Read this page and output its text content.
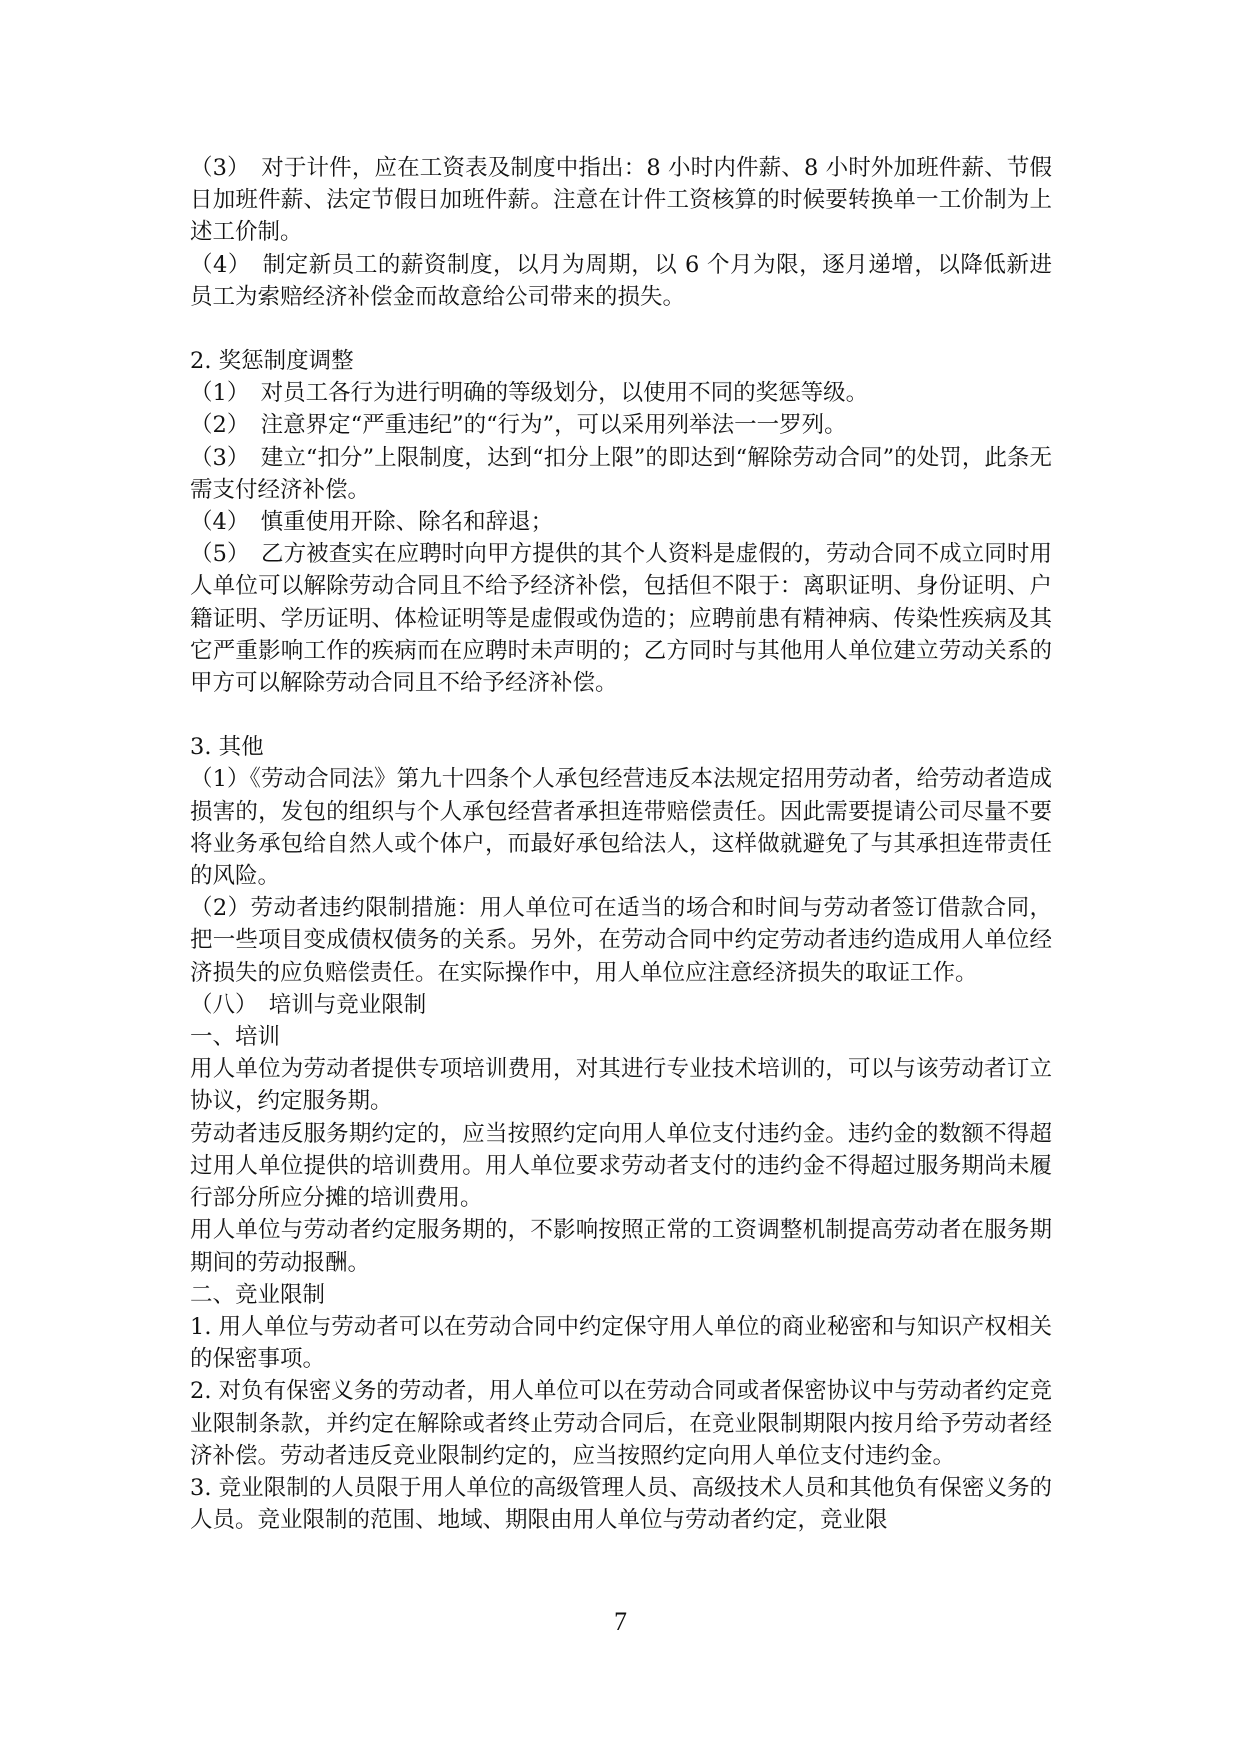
（3）　对于计件，应在工资表及制度中指出：8 小时内件薪、8 小时外加班件薪、节假日加班件薪、法定节假日加班件薪。注意在计件工资核算的时候要转换单一工价制为上述工价制。

（4）　制定新员工的薪资制度，以月为周期，以 6 个月为限，逐月递增，以降低新进员工为索赔经济补偿金而故意给公司带来的损失。

2. 奖惩制度调整

（1）　对员工各行为进行明确的等级划分，以使用不同的奖惩等级。

（2）　注意界定“严重违纪”的“行为”，可以采用列举法一一罗列。

（3）　建立“扣分”上限制度，达到“扣分上限”的即达到“解除劳动合同”的处罚，此条无需支付经济补偿。

（4）　慎重使用开除、除名和辞退；

（5）　乙方被查实在应聘时向甲方提供的其个人资料是虚假的，劳动合同不成立同时用人单位可以解除劳动合同且不给予经济补偿，包括但不限于：离职证明、身份证明、户籍证明、学历证明、体检证明等是虚假或伪造的；应聘前患有精神病、传染性疾病及其它严重影响工作的疾病而在应聘时未声明的；乙方同时与其他用人单位建立劳动关系的甲方可以解除劳动合同且不给予经济补偿。

3. 其他

（1）《劳动合同法》第九十四条个人承包经营违反本法规定招用劳动者，给劳动者造成损害的，发包的组织与个人承包经营者承担连带赔偿责任。因此需要提请公司尽量不要将业务承包给自然人或个体户，而最好承包给法人，这样做就避免了与其承担连带责任的风险。

（2）劳动者违约限制措施：用人单位可在适当的场合和时间与劳动者签订借款合同，把一些项目变成债权债务的关系。另外，在劳动合同中约定劳动者违约造成用人单位经济损失的应负赔偿责任。在实际操作中，用人单位应注意经济损失的取证工作。

（八）　培训与竞业限制

一、培训

用人单位为劳动者提供专项培训费用，对其进行专业技术培训的，可以与该劳动者订立协议，约定服务期。

劳动者违反服务期约定的，应当按照约定向用人单位支付违约金。违约金的数额不得超过用人单位提供的培训费用。用人单位要求劳动者支付的违约金不得超过服务期尚未履行部分所应分摊的培训费用。

用人单位与劳动者约定服务期的，不影响按照正常的工资调整机制提高劳动者在服务期期间的劳动报酬。

二、竞业限制

1. 用人单位与劳动者可以在劳动合同中约定保守用人单位的商业秘密和与知识产权相关的保密事项。

2. 对负有保密义务的劳动者，用人单位可以在劳动合同或者保密协议中与劳动者约定竞业限制条款，并约定在解除或者终止劳动合同后，在竞业限制期限内按月给予劳动者经济补偿。劳动者违反竞业限制约定的，应当按照约定向用人单位支付违约金。

3. 竞业限制的人员限于用人单位的高级管理人员、高级技术人员和其他负有保密义务的人员。竞业限制的范围、地域、期限由用人单位与劳动者约定，竞业限

7
